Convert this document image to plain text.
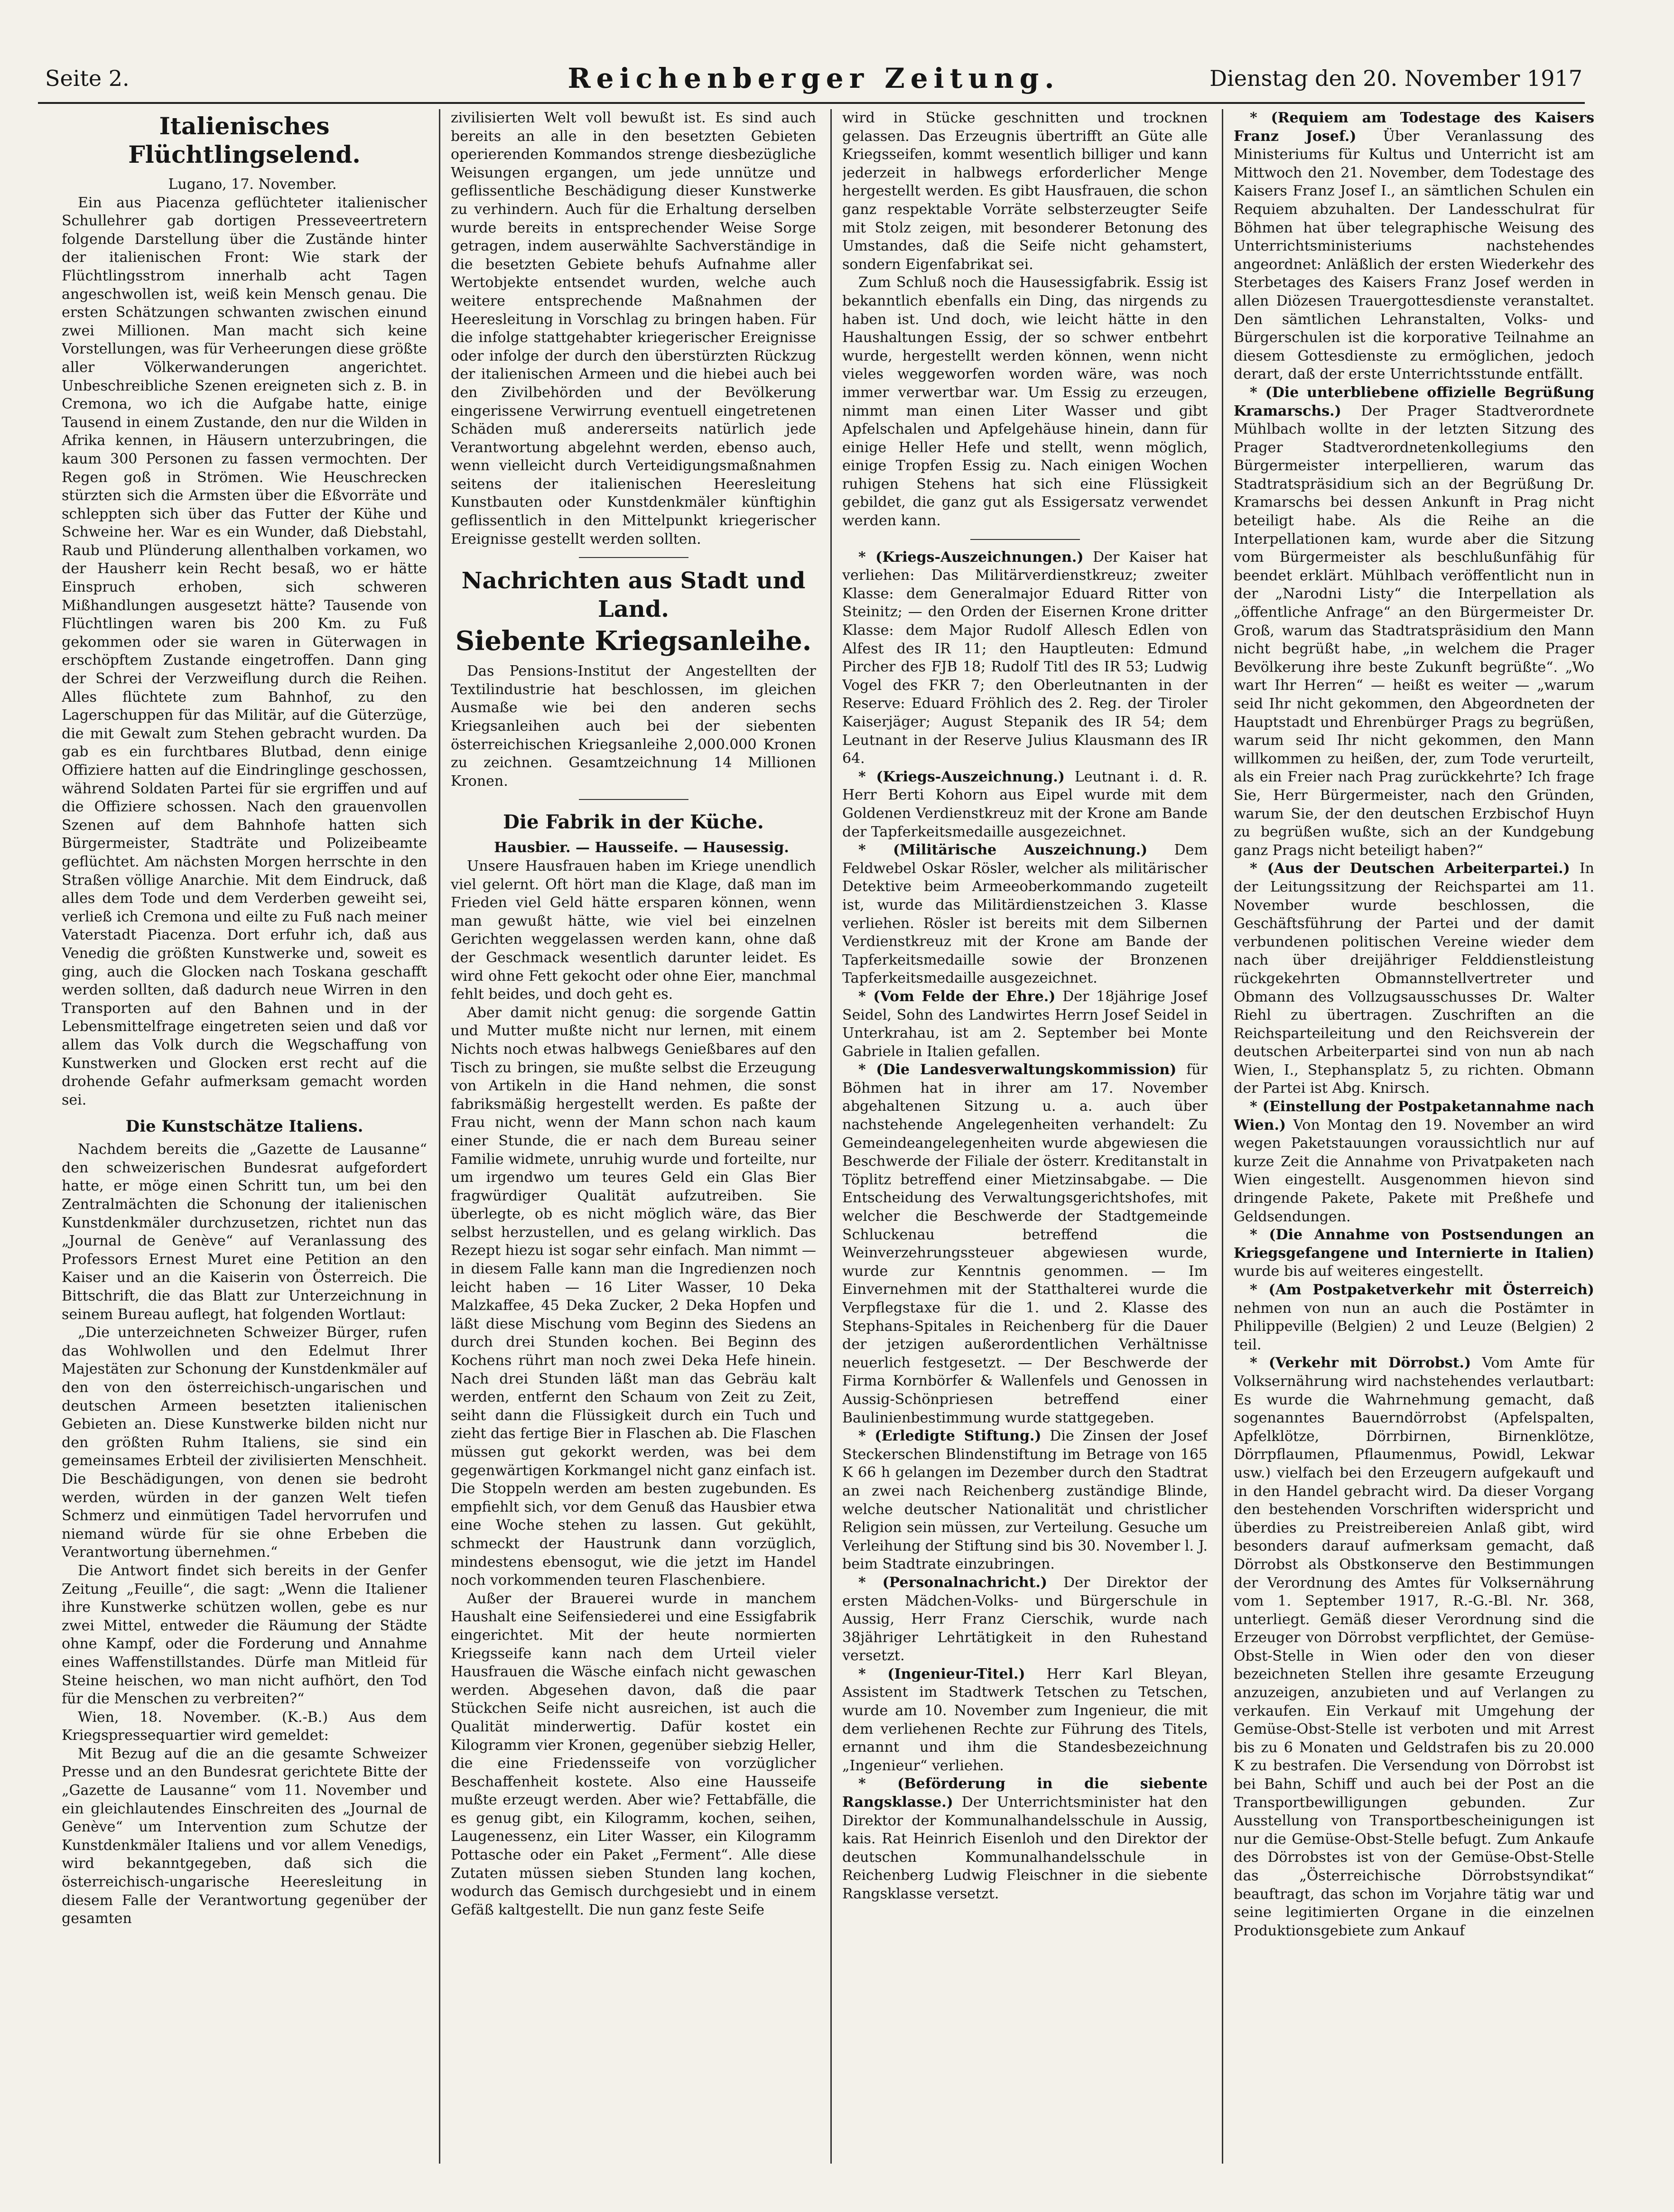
Seite 2.	Reichenberger Zeitung.	Dienstag den 20. November 1917
Italienisches Flüchtlingselend.

Lugano, 17. November.

Ein aus Piacenza geflüchteter italienischer Schullehrer gab dortigen Presseveertretern folgende Darstellung über die Zustände hinter der italienischen Front: Wie stark der Flüchtlingsstrom innerhalb acht Tagen angeschwollen ist, weiß kein Mensch genau. Die ersten Schätzungen schwanten zwischen einund zwei Millionen. Man macht sich keine Vorstellungen, was für Verheerungen diese größte aller Völkerwanderungen angerichtet. Unbeschreibliche Szenen ereigneten sich z. B. in Cremona, wo ich die Aufgabe hatte, einige Tausend in einem Zustande, den nur die Wilden in Afrika kennen, in Häusern unterzubringen, die kaum 300 Personen zu fassen vermochten. Der Regen goß in Strömen. Wie Heuschrecken stürzten sich die Armsten über die Eßvorräte und schleppten sich über das Futter der Kühe und Schweine her. War es ein Wunder, daß Diebstahl, Raub und Plünderung allenthalben vorkamen, wo der Hausherr kein Recht besaß, wo er hätte Einspruch erhoben, sich schweren Mißhandlungen ausgesetzt hätte? Tausende von Flüchtlingen waren bis 200 Km. zu Fuß gekommen oder sie waren in Güterwagen in erschöpftem Zustande eingetroffen. Dann ging der Schrei der Verzweiflung durch die Reihen. Alles flüchtete zum Bahnhof, zu den Lagerschuppen für das Militär, auf die Güterzüge, die mit Gewalt zum Stehen gebracht wurden. Da gab es ein furchtbares Blutbad, denn einige Offiziere hatten auf die Eindringlinge geschossen, während Soldaten Partei für sie ergriffen und auf die Offiziere schossen. Nach den grauenvollen Szenen auf dem Bahnhofe hatten sich Bürgermeister, Stadträte und Polizeibeamte geflüchtet. Am nächsten Morgen herrschte in den Straßen völlige Anarchie. Mit dem Eindruck, daß alles dem Tode und dem Verderben geweiht sei, verließ ich Cremona und eilte zu Fuß nach meiner Vaterstadt Piacenza. Dort erfuhr ich, daß aus Venedig die größten Kunstwerke und, soweit es ging, auch die Glocken nach Toskana geschafft werden sollten, daß dadurch neue Wirren in den Transporten auf den Bahnen und in der Lebensmittelfrage eingetreten seien und daß vor allem das Volk durch die Wegschaffung von Kunstwerken und Glocken erst recht auf die drohende Gefahr aufmerksam gemacht worden sei.

Die Kunstschätze Italiens.

Nachdem bereits die „Gazette de Lausanne“ den schweizerischen Bundesrat aufgefordert hatte, er möge einen Schritt tun, um bei den Zentralmächten die Schonung der italienischen Kunstdenkmäler durchzusetzen, richtet nun das „Journal de Genève“ auf Veranlassung des Professors Ernest Muret eine Petition an den Kaiser und an die Kaiserin von Österreich. Die Bittschrift, die das Blatt zur Unterzeichnung in seinem Bureau auflegt, hat folgenden Wortlaut:

„Die unterzeichneten Schweizer Bürger, rufen das Wohlwollen und den Edelmut Ihrer Majestäten zur Schonung der Kunstdenkmäler auf den von den österreichisch-ungarischen und deutschen Armeen besetzten italienischen Gebieten an. Diese Kunstwerke bilden nicht nur den größten Ruhm Italiens, sie sind ein gemeinsames Erbteil der zivilisierten Menschheit. Die Beschädigungen, von denen sie bedroht werden, würden in der ganzen Welt tiefen Schmerz und einmütigen Tadel hervorrufen und niemand würde für sie ohne Erbeben die Verantwortung übernehmen.“

Die Antwort findet sich bereits in der Genfer Zeitung „Feuille“, die sagt: „Wenn die Italiener ihre Kunstwerke schützen wollen, gebe es nur zwei Mittel, entweder die Räumung der Städte ohne Kampf, oder die Forderung und Annahme eines Waffenstillstandes. Dürfe man Mitleid für Steine heischen, wo man nicht aufhört, den Tod für die Menschen zu verbreiten?“

Wien, 18. November. (K.-B.) Aus dem Kriegspressequartier wird gemeldet:

Mit Bezug auf die an die gesamte Schweizer Presse und an den Bundesrat gerichtete Bitte der „Gazette de Lausanne“ vom 11. November und ein gleichlautendes Einschreiten des „Journal de Genève“ um Intervention zum Schutze der Kunstdenkmäler Italiens und vor allem Venedigs, wird bekanntgegeben, daß sich die österreichisch-ungarische Heeresleitung in diesem Falle der Verantwortung gegenüber der gesamten

zivilisierten Welt voll bewußt ist. Es sind auch bereits an alle in den besetzten Gebieten operierenden Kommandos strenge diesbezügliche Weisungen ergangen, um jede unnütze und geflissentliche Beschädigung dieser Kunstwerke zu verhindern. Auch für die Erhaltung derselben wurde bereits in entsprechender Weise Sorge getragen, indem auserwählte Sachverständige in die besetzten Gebiete behufs Aufnahme aller Wertobjekte entsendet wurden, welche auch weitere entsprechende Maßnahmen der Heeresleitung in Vorschlag zu bringen haben. Für die infolge stattgehabter kriegerischer Ereignisse oder infolge der durch den überstürzten Rückzug der italienischen Armeen und die hiebei auch bei den Zivilbehörden und der Bevölkerung eingerissene Verwirrung eventuell eingetretenen Schäden muß andererseits natürlich jede Verantwortung abgelehnt werden, ebenso auch, wenn vielleicht durch Verteidigungsmaßnahmen seitens der italienischen Heeresleitung Kunstbauten oder Kunstdenkmäler künftighin geflissentlich in den Mittelpunkt kriegerischer Ereignisse gestellt werden sollten.

Nachrichten aus Stadt und Land.
Siebente Kriegsanleihe.

Das Pensions-Institut der Angestellten der Textilindustrie hat beschlossen, im gleichen Ausmaße wie bei den anderen sechs Kriegsanleihen auch bei der siebenten österreichischen Kriegsanleihe 2,000.000 Kronen zu zeichnen. Gesamtzeichnung 14 Millionen Kronen.

Die Fabrik in der Küche.

Hausbier. — Hausseife. — Hausessig.

Unsere Hausfrauen haben im Kriege unendlich viel gelernt. Oft hört man die Klage, daß man im Frieden viel Geld hätte ersparen können, wenn man gewußt hätte, wie viel bei einzelnen Gerichten weggelassen werden kann, ohne daß der Geschmack wesentlich darunter leidet. Es wird ohne Fett gekocht oder ohne Eier, manchmal fehlt beides, und doch geht es.

Aber damit nicht genug: die sorgende Gattin und Mutter mußte nicht nur lernen, mit einem Nichts noch etwas halbwegs Genießbares auf den Tisch zu bringen, sie mußte selbst die Erzeugung von Artikeln in die Hand nehmen, die sonst fabriksmäßig hergestellt werden. Es paßte der Frau nicht, wenn der Mann schon nach kaum einer Stunde, die er nach dem Bureau seiner Familie widmete, unruhig wurde und forteilte, nur um irgendwo um teures Geld ein Glas Bier fragwürdiger Qualität aufzutreiben. Sie überlegte, ob es nicht möglich wäre, das Bier selbst herzustellen, und es gelang wirklich. Das Rezept hiezu ist sogar sehr einfach. Man nimmt — in diesem Falle kann man die Ingredienzen noch leicht haben — 16 Liter Wasser, 10 Deka Malzkaffee, 45 Deka Zucker, 2 Deka Hopfen und läßt diese Mischung vom Beginn des Siedens an durch drei Stunden kochen. Bei Beginn des Kochens rührt man noch zwei Deka Hefe hinein. Nach drei Stunden läßt man das Gebräu kalt werden, entfernt den Schaum von Zeit zu Zeit, seiht dann die Flüssigkeit durch ein Tuch und zieht das fertige Bier in Flaschen ab. Die Flaschen müssen gut gekorkt werden, was bei dem gegenwärtigen Korkmangel nicht ganz einfach ist. Die Stoppeln werden am besten zugebunden. Es empfiehlt sich, vor dem Genuß das Hausbier etwa eine Woche stehen zu lassen. Gut gekühlt, schmeckt der Haustrunk dann vorzüglich, mindestens ebensogut, wie die jetzt im Handel noch vorkommenden teuren Flaschenbiere.

Außer der Brauerei wurde in manchem Haushalt eine Seifensiederei und eine Essigfabrik eingerichtet. Mit der heute normierten Kriegsseife kann nach dem Urteil vieler Hausfrauen die Wäsche einfach nicht gewaschen werden. Abgesehen davon, daß die paar Stückchen Seife nicht ausreichen, ist auch die Qualität minderwertig. Dafür kostet ein Kilogramm vier Kronen, gegenüber siebzig Heller, die eine Friedensseife von vorzüglicher Beschaffenheit kostete. Also eine Hausseife mußte erzeugt werden. Aber wie? Fettabfälle, die es genug gibt, ein Kilogramm, kochen, seihen, Laugenessenz, ein Liter Wasser, ein Kilogramm Pottasche oder ein Paket „Ferment“. Alle diese Zutaten müssen sieben Stunden lang kochen, wodurch das Gemisch durchgesiebt und in einem Gefäß kaltgestellt. Die nun ganz feste Seife

wird in Stücke geschnitten und trocknen gelassen. Das Erzeugnis übertrifft an Güte alle Kriegsseifen, kommt wesentlich billiger und kann jederzeit in halbwegs erforderlicher Menge hergestellt werden. Es gibt Hausfrauen, die schon ganz respektable Vorräte selbsterzeugter Seife mit Stolz zeigen, mit besonderer Betonung des Umstandes, daß die Seife nicht gehamstert, sondern Eigenfabrikat sei.

Zum Schluß noch die Hausessigfabrik. Essig ist bekanntlich ebenfalls ein Ding, das nirgends zu haben ist. Und doch, wie leicht hätte in den Haushaltungen Essig, der so schwer entbehrt wurde, hergestellt werden können, wenn nicht vieles weggeworfen worden wäre, was noch immer verwertbar war. Um Essig zu erzeugen, nimmt man einen Liter Wasser und gibt Apfelschalen und Apfelgehäuse hinein, dann für einige Heller Hefe und stellt, wenn möglich, einige Tropfen Essig zu. Nach einigen Wochen ruhigen Stehens hat sich eine Flüssigkeit gebildet, die ganz gut als Essigersatz verwendet werden kann.

* (Kriegs-Auszeichnungen.) Der Kaiser hat verliehen: Das Militärverdienstkreuz; zweiter Klasse: dem Generalmajor Eduard Ritter von Steinitz; — den Orden der Eisernen Krone dritter Klasse: dem Major Rudolf Allesch Edlen von Alfest des IR 11; den Hauptleuten: Edmund Pircher des FJB 18; Rudolf Titl des IR 53; Ludwig Vogel des FKR 7; den Oberleutnanten in der Reserve: Eduard Fröhlich des 2. Reg. der Tiroler Kaiserjäger; August Stepanik des IR 54; dem Leutnant in der Reserve Julius Klausmann des IR 64.

* (Kriegs-Auszeichnung.) Leutnant i. d. R. Herr Berti Kohorn aus Eipel wurde mit dem Goldenen Verdienstkreuz mit der Krone am Bande der Tapferkeitsmedaille ausgezeichnet.

* (Militärische Auszeichnung.) Dem Feldwebel Oskar Rösler, welcher als militärischer Detektive beim Armeeoberkommando zugeteilt ist, wurde das Militärdienstzeichen 3. Klasse verliehen. Rösler ist bereits mit dem Silbernen Verdienstkreuz mit der Krone am Bande der Tapferkeitsmedaille sowie der Bronzenen Tapferkeitsmedaille ausgezeichnet.

* (Vom Felde der Ehre.) Der 18jährige Josef Seidel, Sohn des Landwirtes Herrn Josef Seidel in Unterkrahau, ist am 2. September bei Monte Gabriele in Italien gefallen.

* (Die Landesverwaltungskommission) für Böhmen hat in ihrer am 17. November abgehaltenen Sitzung u. a. auch über nachstehende Angelegenheiten verhandelt: Zu Gemeindeangelegenheiten wurde abgewiesen die Beschwerde der Filiale der österr. Kreditanstalt in Töplitz betreffend einer Mietzinsabgabe. — Die Entscheidung des Verwaltungsgerichtshofes, mit welcher die Beschwerde der Stadtgemeinde Schluckenau betreffend die Weinverzehrungssteuer abgewiesen wurde, wurde zur Kenntnis genommen. — Im Einvernehmen mit der Statthalterei wurde die Verpflegstaxe für die 1. und 2. Klasse des Stephans-Spitales in Reichenberg für die Dauer der jetzigen außerordentlichen Verhältnisse neuerlich festgesetzt. — Der Beschwerde der Firma Kornbörfer & Wallenfels und Genossen in Aussig-Schönpriesen betreffend einer Baulinienbestimmung wurde stattgegeben.

* (Erledigte Stiftung.) Die Zinsen der Josef Steckerschen Blindenstiftung im Betrage von 165 K 66 h gelangen im Dezember durch den Stadtrat an zwei nach Reichenberg zuständige Blinde, welche deutscher Nationalität und christlicher Religion sein müssen, zur Verteilung. Gesuche um Verleihung der Stiftung sind bis 30. November l. J. beim Stadtrate einzubringen.

* (Personalnachricht.) Der Direktor der ersten Mädchen-Volks- und Bürgerschule in Aussig, Herr Franz Cierschik, wurde nach 38jähriger Lehrtätigkeit in den Ruhestand versetzt.

* (Ingenieur-Titel.) Herr Karl Bleyan, Assistent im Stadtwerk Tetschen zu Tetschen, wurde am 10. November zum Ingenieur, die mit dem verliehenen Rechte zur Führung des Titels, ernannt und ihm die Standesbezeichnung „Ingenieur“ verliehen.

* (Beförderung in die siebente Rangsklasse.) Der Unterrichtsminister hat den Direktor der Kommunalhandelsschule in Aussig, kais. Rat Heinrich Eisenloh und den Direktor der deutschen Kommunalhandelsschule in Reichenberg Ludwig Fleischner in die siebente Rangsklasse versetzt.

* (Requiem am Todestage des Kaisers Franz Josef.) Über Veranlassung des Ministeriums für Kultus und Unterricht ist am Mittwoch den 21. November, dem Todestage des Kaisers Franz Josef I., an sämtlichen Schulen ein Requiem abzuhalten. Der Landesschulrat für Böhmen hat über telegraphische Weisung des Unterrichtsministeriums nachstehendes angeordnet: Anläßlich der ersten Wiederkehr des Sterbetages des Kaisers Franz Josef werden in allen Diözesen Trauergottesdienste veranstaltet. Den sämtlichen Lehranstalten, Volks- und Bürgerschulen ist die korporative Teilnahme an diesem Gottesdienste zu ermöglichen, jedoch derart, daß der erste Unterrichtsstunde entfällt.

* (Die unterbliebene offizielle Begrüßung Kramarschs.) Der Prager Stadtverordnete Mühlbach wollte in der letzten Sitzung des Prager Stadtverordnetenkollegiums den Bürgermeister interpellieren, warum das Stadtratspräsidium sich an der Begrüßung Dr. Kramarschs bei dessen Ankunft in Prag nicht beteiligt habe. Als die Reihe an die Interpellationen kam, wurde aber die Sitzung vom Bürgermeister als beschlußunfähig für beendet erklärt. Mühlbach veröffentlicht nun in der „Narodni Listy“ die Interpellation als „öffentliche Anfrage“ an den Bürgermeister Dr. Groß, warum das Stadtratspräsidium den Mann nicht begrüßt habe, „in welchem die Prager Bevölkerung ihre beste Zukunft begrüßte“. „Wo wart Ihr Herren“ — heißt es weiter — „warum seid Ihr nicht gekommen, den Abgeordneten der Hauptstadt und Ehrenbürger Prags zu begrüßen, warum seid Ihr nicht gekommen, den Mann willkommen zu heißen, der, zum Tode verurteilt, als ein Freier nach Prag zurückkehrte? Ich frage Sie, Herr Bürgermeister, nach den Gründen, warum Sie, der den deutschen Erzbischof Huyn zu begrüßen wußte, sich an der Kundgebung ganz Prags nicht beteiligt haben?“

* (Aus der Deutschen Arbeiterpartei.) In der Leitungssitzung der Reichspartei am 11. November wurde beschlossen, die Geschäftsführung der Partei und der damit verbundenen politischen Vereine wieder dem nach über dreijähriger Felddienstleistung rückgekehrten Obmannstellvertreter und Obmann des Vollzugsausschusses Dr. Walter Riehl zu übertragen. Zuschriften an die Reichsparteileitung und den Reichsverein der deutschen Arbeiterpartei sind von nun ab nach Wien, I., Stephansplatz 5, zu richten. Obmann der Partei ist Abg. Knirsch.

* (Einstellung der Postpaketannahme nach Wien.) Von Montag den 19. November an wird wegen Paketstauungen voraussichtlich nur auf kurze Zeit die Annahme von Privatpaketen nach Wien eingestellt. Ausgenommen hievon sind dringende Pakete, Pakete mit Preßhefe und Geldsendungen.

* (Die Annahme von Postsendungen an Kriegsgefangene und Internierte in Italien) wurde bis auf weiteres eingestellt.

* (Am Postpaketverkehr mit Österreich) nehmen von nun an auch die Postämter in Philippeville (Belgien) 2 und Leuze (Belgien) 2 teil.

* (Verkehr mit Dörrobst.) Vom Amte für Volksernährung wird nachstehendes verlautbart: Es wurde die Wahrnehmung gemacht, daß sogenanntes Bauerndörrobst (Apfelspalten, Apfelklötze, Dörrbirnen, Birnenklötze, Dörrpflaumen, Pflaumenmus, Powidl, Lekwar usw.) vielfach bei den Erzeugern aufgekauft und in den Handel gebracht wird. Da dieser Vorgang den bestehenden Vorschriften widerspricht und überdies zu Preistreibereien Anlaß gibt, wird besonders darauf aufmerksam gemacht, daß Dörrobst als Obstkonserve den Bestimmungen der Verordnung des Amtes für Volksernährung vom 1. September 1917, R.-G.-Bl. Nr. 368, unterliegt. Gemäß dieser Verordnung sind die Erzeuger von Dörrobst verpflichtet, der Gemüse-Obst-Stelle in Wien oder den von dieser bezeichneten Stellen ihre gesamte Erzeugung anzuzeigen, anzubieten und auf Verlangen zu verkaufen. Ein Verkauf mit Umgehung der Gemüse-Obst-Stelle ist verboten und mit Arrest bis zu 6 Monaten und Geldstrafen bis zu 20.000 K zu bestrafen. Die Versendung von Dörrobst ist bei Bahn, Schiff und auch bei der Post an die Transportbewilligungen gebunden. Zur Ausstellung von Transportbescheinigungen ist nur die Gemüse-Obst-Stelle befugt. Zum Ankaufe des Dörrobstes ist von der Gemüse-Obst-Stelle das „Österreichische Dörrobstsyndikat“ beauftragt, das schon im Vorjahre tätig war und seine legitimierten Organe in die einzelnen Produktionsgebiete zum Ankauf
